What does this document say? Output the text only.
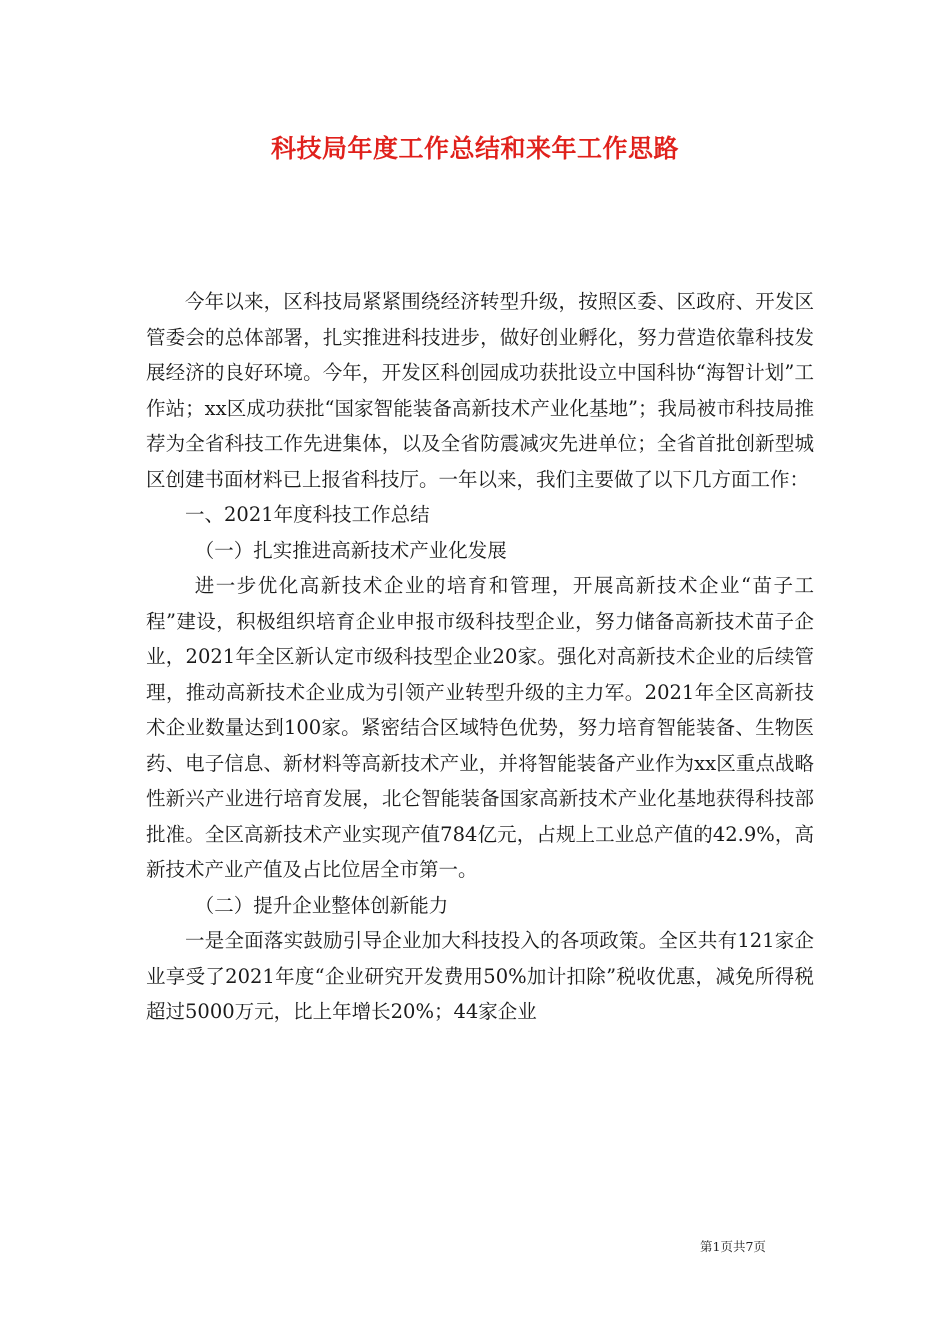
科技局年度工作总结和来年工作思路

今年以来，区科技局紧紧围绕经济转型升级，按照区委、区政府、开发区管委会的总体部署，扎实推进科技进步，做好创业孵化，努力营造依靠科技发展经济的良好环境。今年，开发区科创园成功获批设立中国科协“海智计划”工作站；xx区成功获批“国家智能装备高新技术产业化基地”；我局被市科技局推荐为全省科技工作先进集体，以及全省防震减灾先进单位；全省首批创新型城区创建书面材料已上报省科技厅。一年以来，我们主要做了以下几方面工作：

一、2021年度科技工作总结

（一）扎实推进高新技术产业化发展

进一步优化高新技术企业的培育和管理，开展高新技术企业“苗子工程”建设，积极组织培育企业申报市级科技型企业，努力储备高新技术苗子企业，2021年全区新认定市级科技型企业20家。强化对高新技术企业的后续管理，推动高新技术企业成为引领产业转型升级的主力军。2021年全区高新技术企业数量达到100家。紧密结合区域特色优势，努力培育智能装备、生物医药、电子信息、新材料等高新技术产业，并将智能装备产业作为xx区重点战略性新兴产业进行培育发展，北仑智能装备国家高新技术产业化基地获得科技部批准。全区高新技术产业实现产值784亿元，占规上工业总产值的42.9%，高新技术产业产值及占比位居全市第一。

（二）提升企业整体创新能力

一是全面落实鼓励引导企业加大科技投入的各项政策。全区共有121家企业享受了2021年度“企业研究开发费用50%加计扣除”税收优惠，减免所得税超过5000万元，比上年增长20%；44家企业

第1页共7页
